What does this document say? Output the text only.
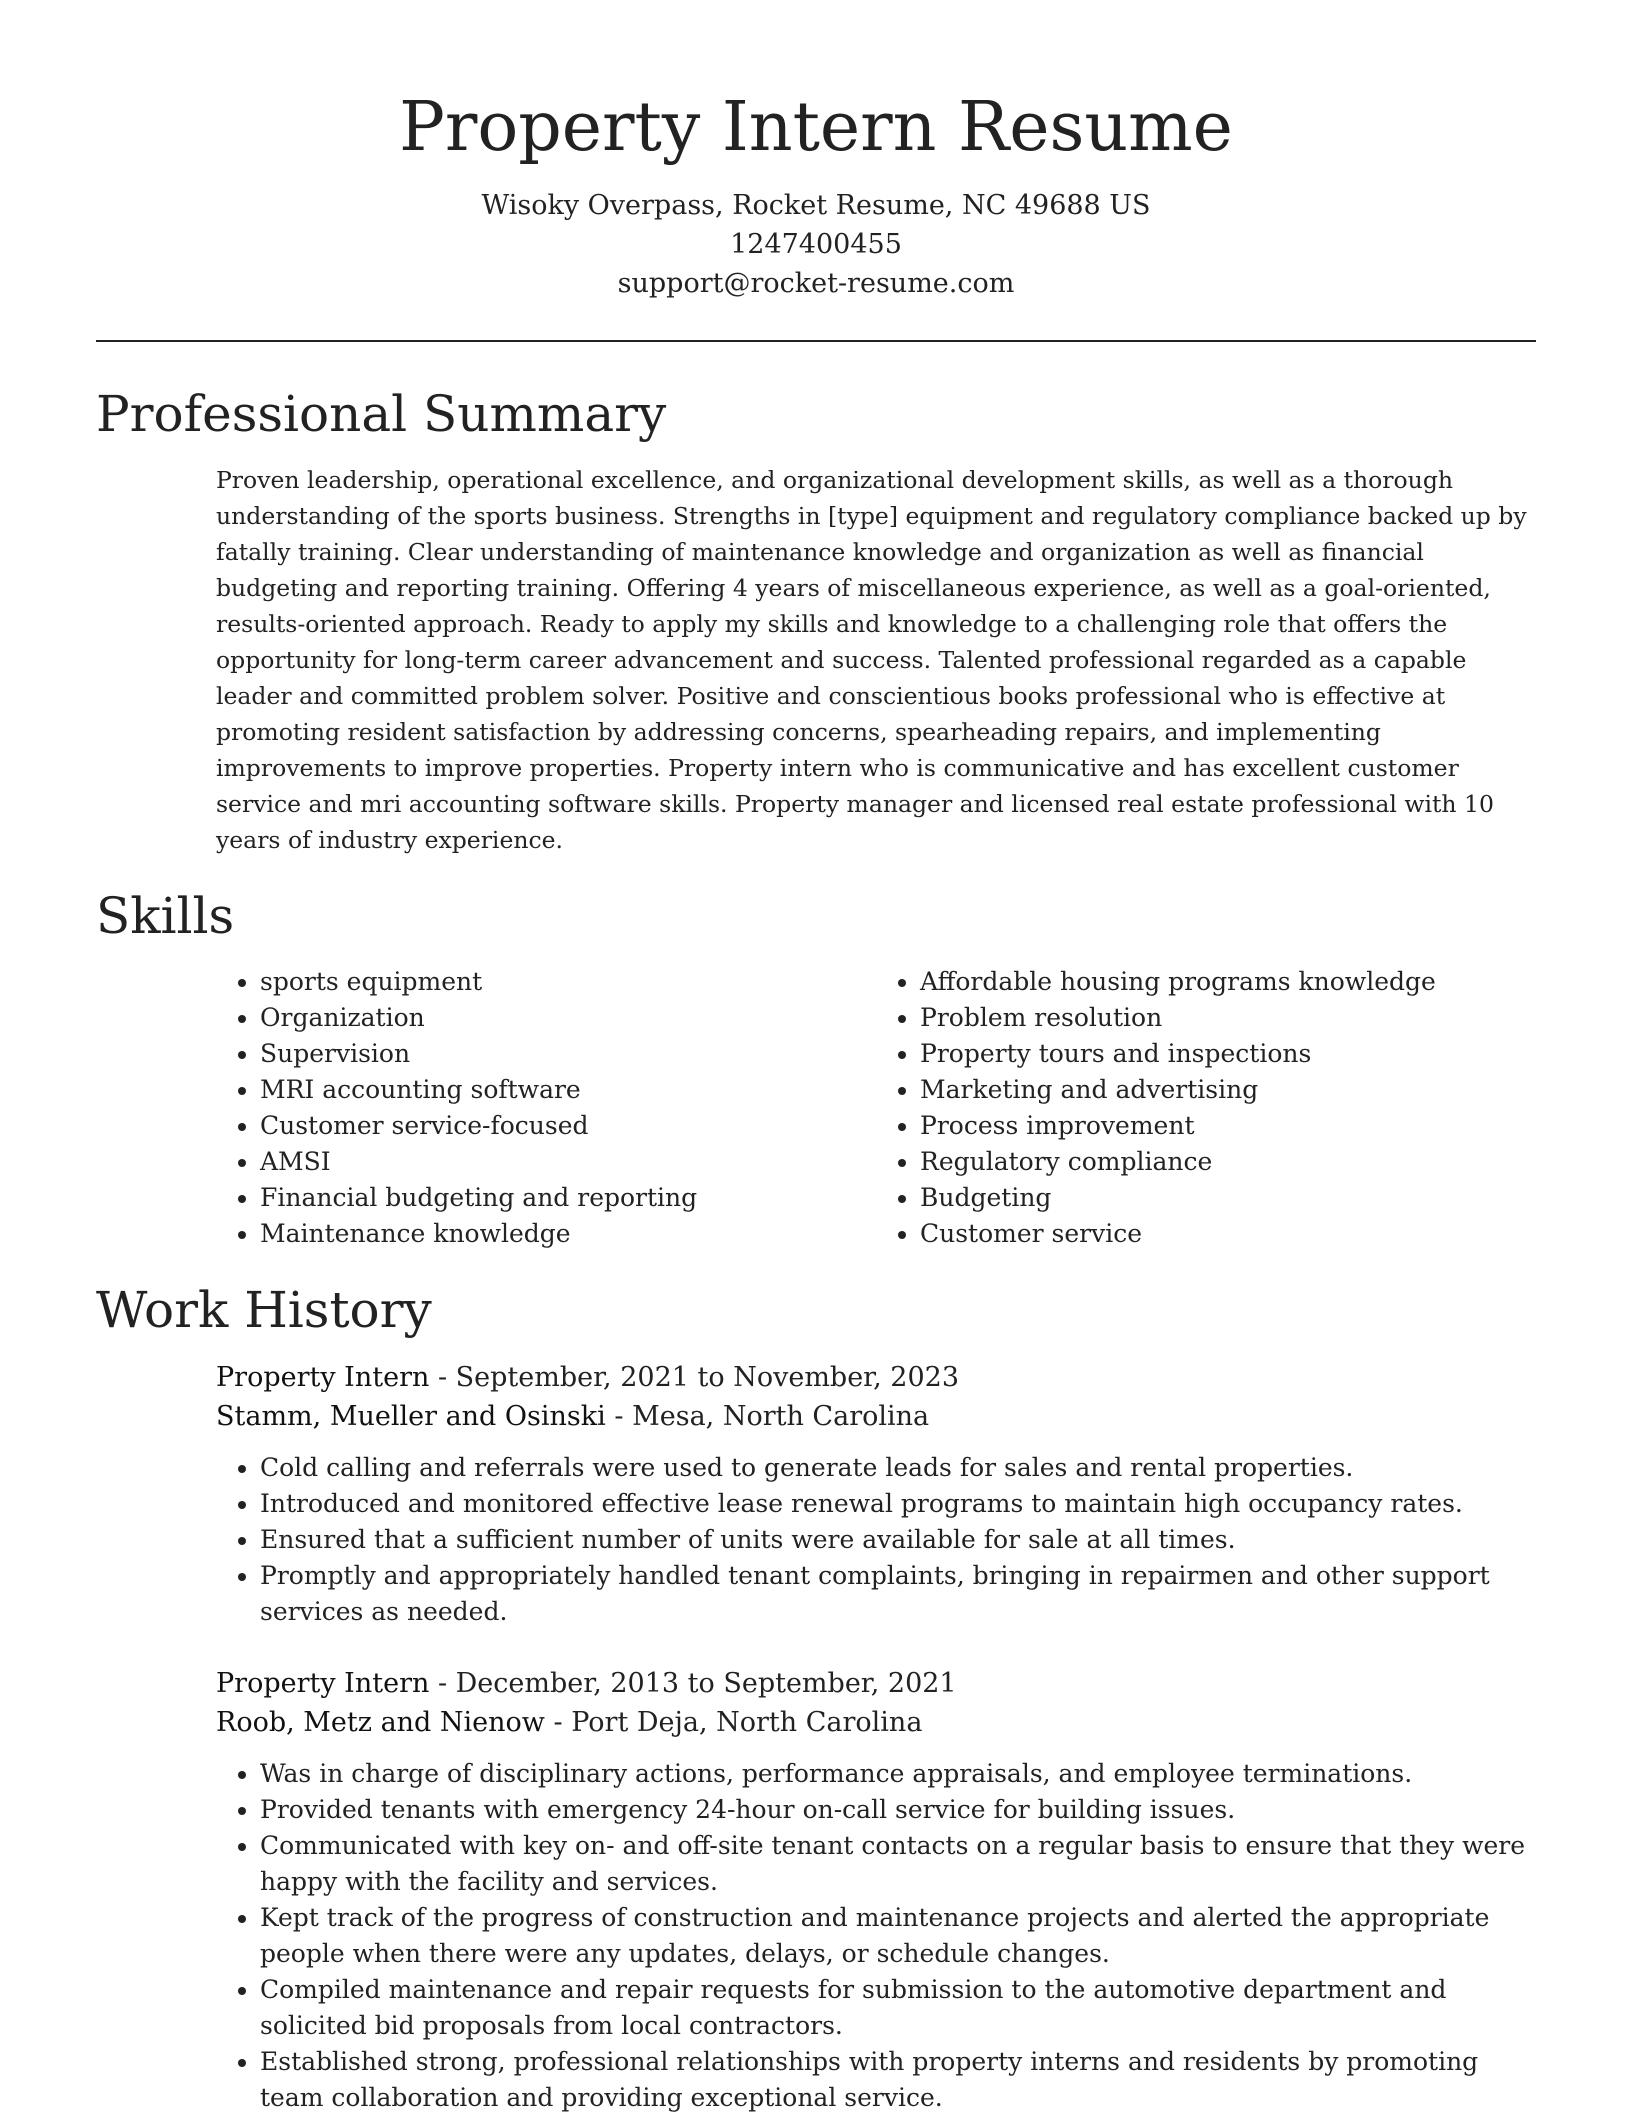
Property Intern Resume
Wisoky Overpass, Rocket Resume, NC 49688 US
1247400455
support@rocket-resume.com
Professional Summary

Proven leadership, operational excellence, and organizational development skills, as well as a thorough understanding of the sports business. Strengths in [type] equipment and regulatory compliance backed up by fatally training. Clear understanding of maintenance knowledge and organization as well as financial budgeting and reporting training. Offering 4 years of miscellaneous experience, as well as a goal-oriented, results-oriented approach. Ready to apply my skills and knowledge to a challenging role that offers the opportunity for long-term career advancement and success. Talented professional regarded as a capable leader and committed problem solver. Positive and conscientious books professional who is effective at promoting resident satisfaction by addressing concerns, spearheading repairs, and implementing improvements to improve properties. Property intern who is communicative and has excellent customer service and mri accounting software skills. Property manager and licensed real estate professional with 10 years of industry experience.

Skills
• sports equipment
• Organization
• Supervision
• MRI accounting software
• Customer service-focused
• AMSI
• Financial budgeting and reporting
• Maintenance knowledge
• Affordable housing programs knowledge
• Problem resolution
• Property tours and inspections
• Marketing and advertising
• Process improvement
• Regulatory compliance
• Budgeting
• Customer service
Work History
Property Intern - September, 2021 to November, 2023
Stamm, Mueller and Osinski - Mesa, North Carolina
• Cold calling and referrals were used to generate leads for sales and rental properties.
• Introduced and monitored effective lease renewal programs to maintain high occupancy rates.
• Ensured that a sufficient number of units were available for sale at all times.
• Promptly and appropriately handled tenant complaints, bringing in repairmen and other support services as needed.
Property Intern - December, 2013 to September, 2021
Roob, Metz and Nienow - Port Deja, North Carolina
• Was in charge of disciplinary actions, performance appraisals, and employee terminations.
• Provided tenants with emergency 24-hour on-call service for building issues.
• Communicated with key on- and off-site tenant contacts on a regular basis to ensure that they were happy with the facility and services.
• Kept track of the progress of construction and maintenance projects and alerted the appropriate people when there were any updates, delays, or schedule changes.
• Compiled maintenance and repair requests for submission to the automotive department and solicited bid proposals from local contractors.
• Established strong, professional relationships with property interns and residents by promoting team collaboration and providing exceptional service.
